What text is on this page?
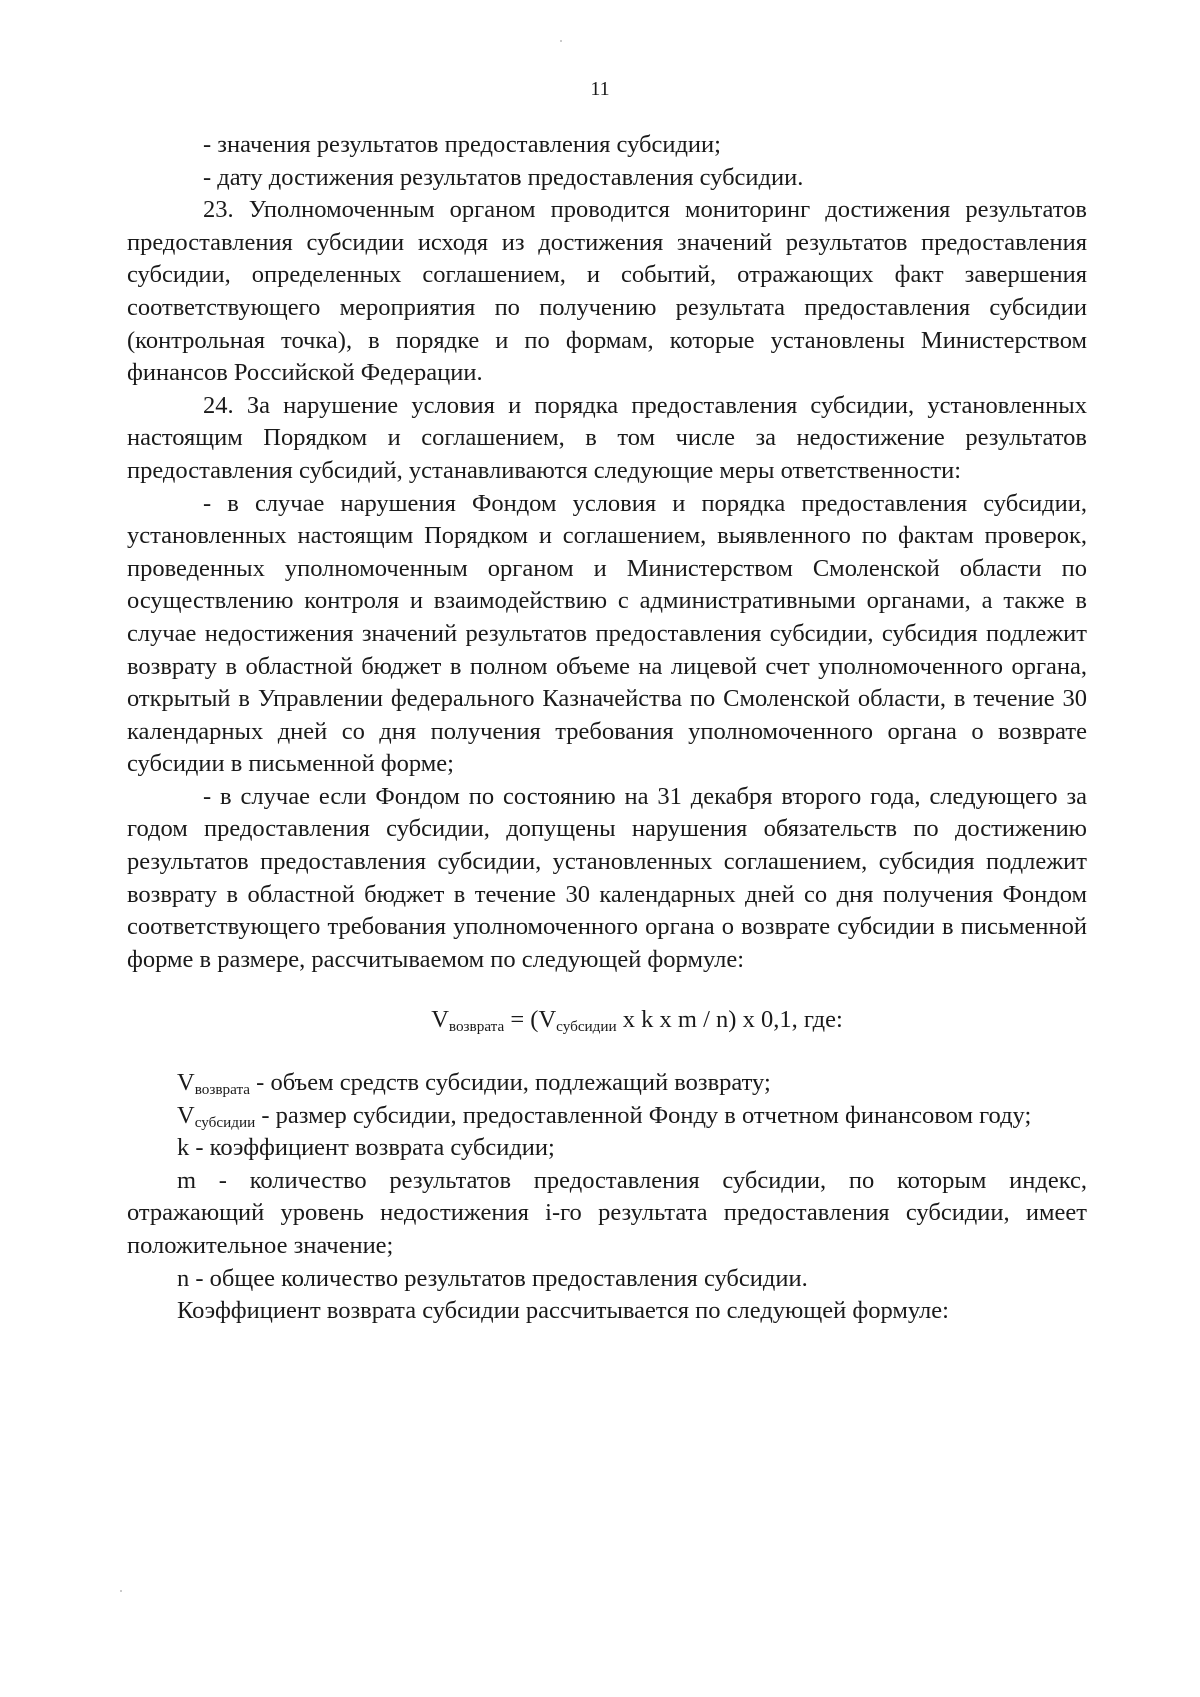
11

- значения результатов предоставления субсидии;

- дату достижения результатов предоставления субсидии.

23. Уполномоченным органом проводится мониторинг достижения результатов предоставления субсидии исходя из достижения значений результатов предоставления субсидии, определенных соглашением, и событий, отражающих факт завершения соответствующего мероприятия по получению результата предоставления субсидии (контрольная точка), в порядке и по формам, которые установлены Министерством финансов Российской Федерации.

24. За нарушение условия и порядка предоставления субсидии, установленных настоящим Порядком и соглашением, в том числе за недостижение результатов предоставления субсидий, устанавливаются следующие меры ответственности:

- в случае нарушения Фондом условия и порядка предоставления субсидии, установленных настоящим Порядком и соглашением, выявленного по фактам проверок, проведенных уполномоченным органом и Министерством Смоленской области по осуществлению контроля и взаимодействию с административными органами, а также в случае недостижения значений результатов предоставления субсидии, субсидия подлежит возврату в областной бюджет в полном объеме на лицевой счет уполномоченного органа, открытый в Управлении федерального Казначейства по Смоленской области, в течение 30 календарных дней со дня получения требования уполномоченного органа о возврате субсидии в письменной форме;

- в случае если Фондом по состоянию на 31 декабря второго года, следующего за годом предоставления субсидии, допущены нарушения обязательств по достижению результатов предоставления субсидии, установленных соглашением, субсидия подлежит возврату в областной бюджет в течение 30 календарных дней со дня получения Фондом соответствующего требования уполномоченного органа о возврате субсидии в письменной форме в размере, рассчитываемом по следующей формуле:

$V_{возврата} = (V_{субсидии}$ x k x m / n) x 0,1, где:

$V_{возврата}$ - объем средств субсидии, подлежащий возврату;

$V_{субсидии}$ - размер субсидии, предоставленной Фонду в отчетном финансовом году;

k - коэффициент возврата субсидии;

m - количество результатов предоставления субсидии, по которым индекс, отражающий уровень недостижения i-го результата предоставления субсидии, имеет положительное значение;

n - общее количество результатов предоставления субсидии.

Коэффициент возврата субсидии рассчитывается по следующей формуле:
